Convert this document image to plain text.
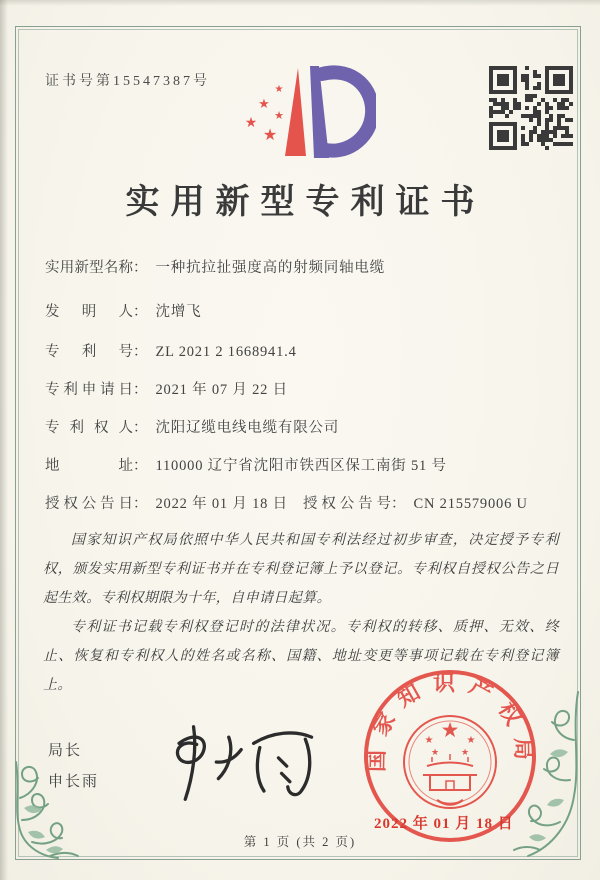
证书号第15547387号
★
★
★
★
★
实用新型专利证书
实用新型名称： 一种抗拉扯强度高的射频同轴电缆
发明人： 沈增飞
专利号： ZL 2021 2 1668941.4
专利申请日： 2021 年 07 月 22 日
专利权人： 沈阳辽缆电线电缆有限公司
地址： 110000 辽宁省沈阳市铁西区保工南街 51 号
授权公告日： 2022 年 01 月 18 日 授权公告号： CN 215579006 U

国家知识产权局依照中华人民共和国专利法经过初步审查，决定授予专利权，颁发实用新型专利证书并在专利登记簿上予以登记。专利权自授权公告之日起生效。专利权期限为十年，自申请日起算。

专利证书记载专利权登记时的法律状况。专利权的转移、质押、无效、终止、恢复和专利权人的姓名或名称、国籍、地址变更等事项记载在专利登记簿上。

局长
申长雨
国家知识产权局
★
★	★
★ ★
2022 年 01 月 18 日
第 1 页 (共 2 页)
